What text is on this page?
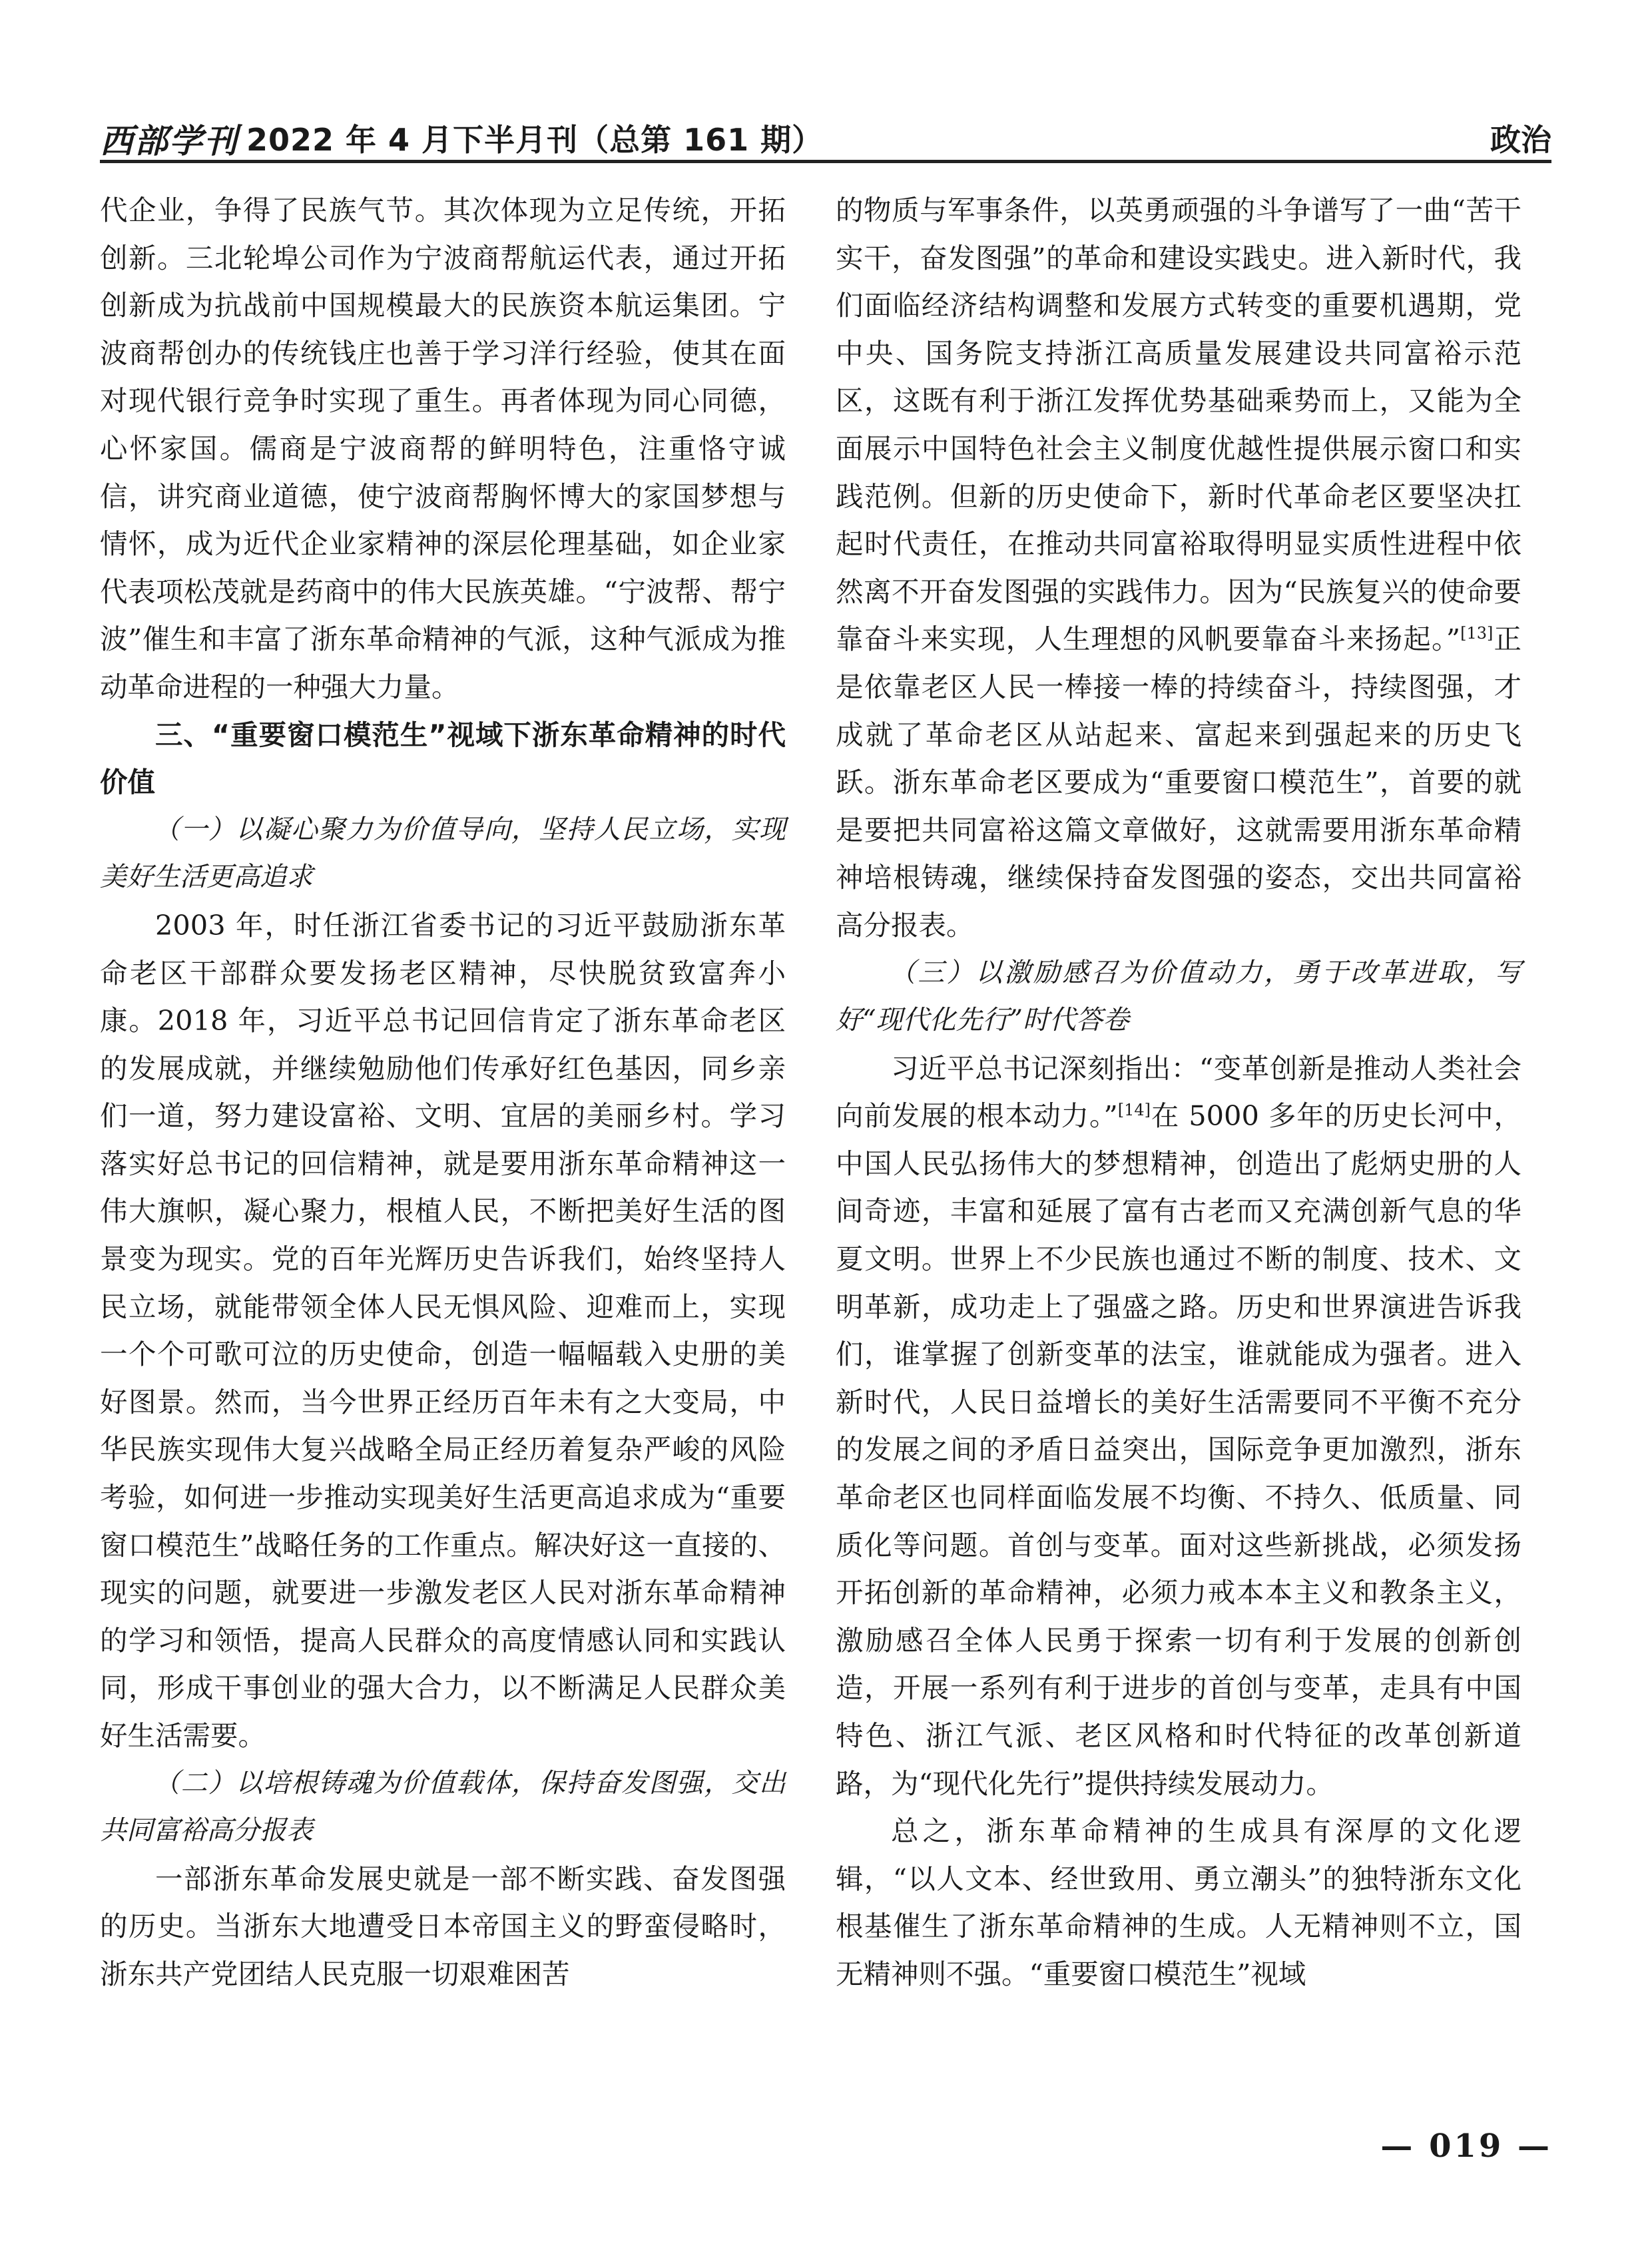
西部学刊 2022 年 4 月下半月刊（总第 161 期）	政治

代企业，争得了民族气节。其次体现为立足传统，开拓创新。三北轮埠公司作为宁波商帮航运代表，通过开拓创新成为抗战前中国规模最大的民族资本航运集团。宁波商帮创办的传统钱庄也善于学习洋行经验，使其在面对现代银行竞争时实现了重生。再者体现为同心同德，心怀家国。儒商是宁波商帮的鲜明特色，注重恪守诚信，讲究商业道德，使宁波商帮胸怀博大的家国梦想与情怀，成为近代企业家精神的深层伦理基础，如企业家代表项松茂就是药商中的伟大民族英雄。“宁波帮、帮宁波”催生和丰富了浙东革命精神的气派，这种气派成为推动革命进程的一种强大力量。

三、“重要窗口模范生”视域下浙东革命精神的时代价值
（一）以凝心聚力为价值导向，坚持人民立场，实现美好生活更高追求

2003 年，时任浙江省委书记的习近平鼓励浙东革命老区干部群众要发扬老区精神，尽快脱贫致富奔小康。2018 年，习近平总书记回信肯定了浙东革命老区的发展成就，并继续勉励他们传承好红色基因，同乡亲们一道，努力建设富裕、文明、宜居的美丽乡村。学习落实好总书记的回信精神，就是要用浙东革命精神这一伟大旗帜，凝心聚力，根植人民，不断把美好生活的图景变为现实。党的百年光辉历史告诉我们，始终坚持人民立场，就能带领全体人民无惧风险、迎难而上，实现一个个可歌可泣的历史使命，创造一幅幅载入史册的美好图景。然而，当今世界正经历百年未有之大变局，中华民族实现伟大复兴战略全局正经历着复杂严峻的风险考验，如何进一步推动实现美好生活更高追求成为“重要窗口模范生”战略任务的工作重点。解决好这一直接的、现实的问题，就要进一步激发老区人民对浙东革命精神的学习和领悟，提高人民群众的高度情感认同和实践认同，形成干事创业的强大合力，以不断满足人民群众美好生活需要。

（二）以培根铸魂为价值载体，保持奋发图强，交出共同富裕高分报表

一部浙东革命发展史就是一部不断实践、奋发图强的历史。当浙东大地遭受日本帝国主义的野蛮侵略时，浙东共产党团结人民克服一切艰难困苦

的物质与军事条件，以英勇顽强的斗争谱写了一曲“苦干实干，奋发图强”的革命和建设实践史。进入新时代，我们面临经济结构调整和发展方式转变的重要机遇期，党中央、国务院支持浙江高质量发展建设共同富裕示范区，这既有利于浙江发挥优势基础乘势而上，又能为全面展示中国特色社会主义制度优越性提供展示窗口和实践范例。但新的历史使命下，新时代革命老区要坚决扛起时代责任，在推动共同富裕取得明显实质性进程中依然离不开奋发图强的实践伟力。因为“民族复兴的使命要靠奋斗来实现，人生理想的风帆要靠奋斗来扬起。”[13]正是依靠老区人民一棒接一棒的持续奋斗，持续图强，才成就了革命老区从站起来、富起来到强起来的历史飞跃。浙东革命老区要成为“重要窗口模范生”，首要的就是要把共同富裕这篇文章做好，这就需要用浙东革命精神培根铸魂，继续保持奋发图强的姿态，交出共同富裕高分报表。

（三）以激励感召为价值动力，勇于改革进取，写好“现代化先行”时代答卷

习近平总书记深刻指出：“变革创新是推动人类社会向前发展的根本动力。”[14]在 5000 多年的历史长河中，中国人民弘扬伟大的梦想精神，创造出了彪炳史册的人间奇迹，丰富和延展了富有古老而又充满创新气息的华夏文明。世界上不少民族也通过不断的制度、技术、文明革新，成功走上了强盛之路。历史和世界演进告诉我们，谁掌握了创新变革的法宝，谁就能成为强者。进入新时代，人民日益增长的美好生活需要同不平衡不充分的发展之间的矛盾日益突出，国际竞争更加激烈，浙东革命老区也同样面临发展不均衡、不持久、低质量、同质化等问题。首创与变革。面对这些新挑战，必须发扬开拓创新的革命精神，必须力戒本本主义和教条主义，激励感召全体人民勇于探索一切有利于发展的创新创造，开展一系列有利于进步的首创与变革，走具有中国特色、浙江气派、老区风格和时代特征的改革创新道路，为“现代化先行”提供持续发展动力。

总之，浙东革命精神的生成具有深厚的文化逻辑，“以人文本、经世致用、勇立潮头”的独特浙东文化根基催生了浙东革命精神的生成。人无精神则不立，国无精神则不强。“重要窗口模范生”视域

— 019 —
